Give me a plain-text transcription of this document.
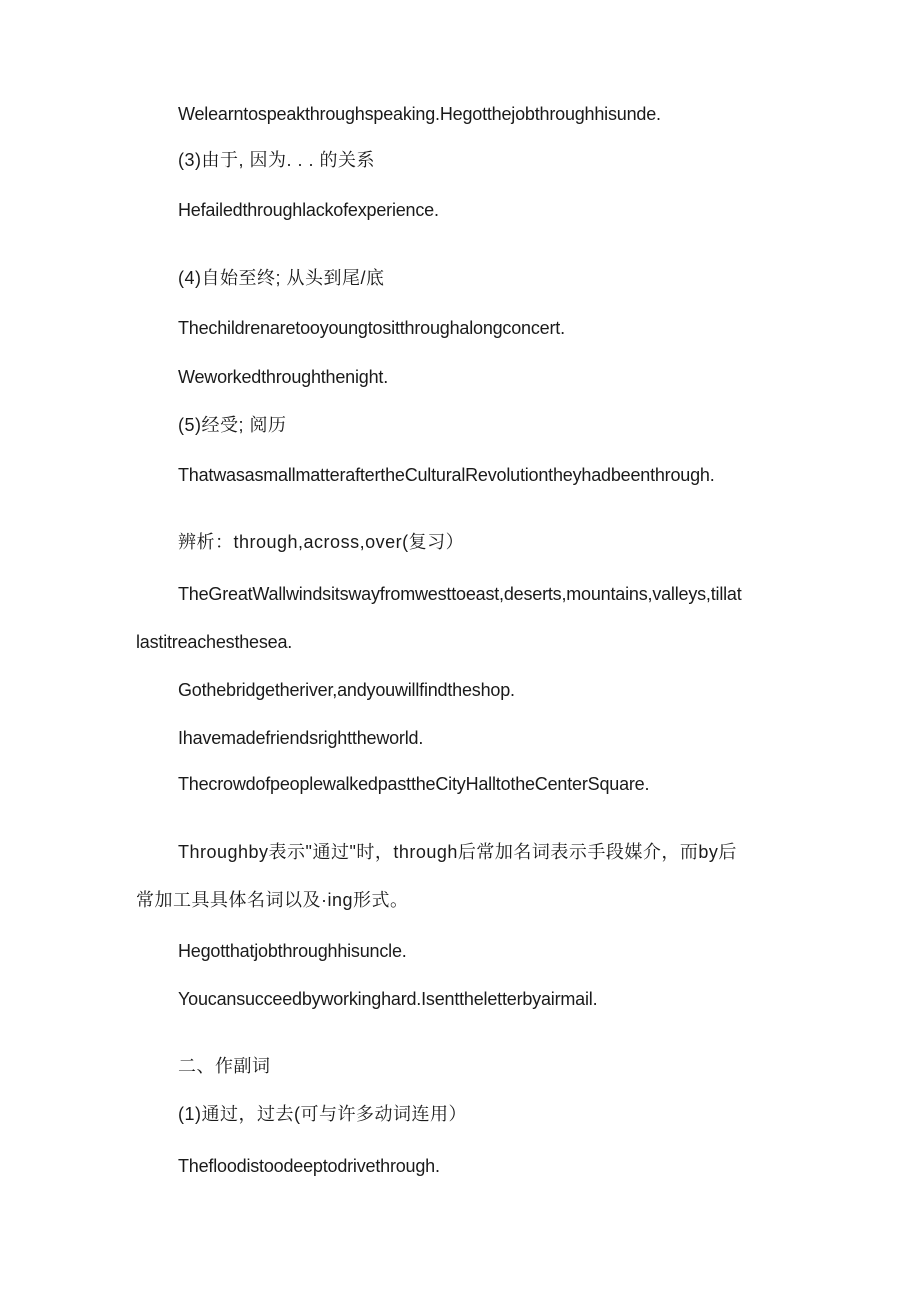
Welearntospeakthroughspeaking.Hegotthejobthroughhisunde.
(3)由于, 因为. . . 的关系
Hefailedthroughlackofexperience.
(4)自始至终; 从头到尾/底
Thechildrenaretooyoungtositthroughalongconcert.
Weworkedthroughthenight.
(5)经受; 阅历
ThatwasasmallmatteraftertheCulturalRevolutiontheyhadbeenthrough.
辨析：through,across,over(复习）
TheGreatWallwindsitswayfromwesttoeast,deserts,mountains,valleys,tillat
lastitreachesthesea.
Gothebridgetheriver,andyouwillfindtheshop.
Ihavemadefriendsrighttheworld.
ThecrowdofpeoplewalkedpasttheCityHalltotheCenterSquare.
Throughby表示"通过"时，through后常加名词表示手段媒介，而by后
常加工具具体名词以及·ing形式。
Hegotthatjobthroughhisuncle.
Youcansucceedbyworkinghard.Isenttheletterbyairmail.
二、作副词
(1)通过，过去(可与许多动词连用）
Thefloodistoodeeptodrivethrough.
